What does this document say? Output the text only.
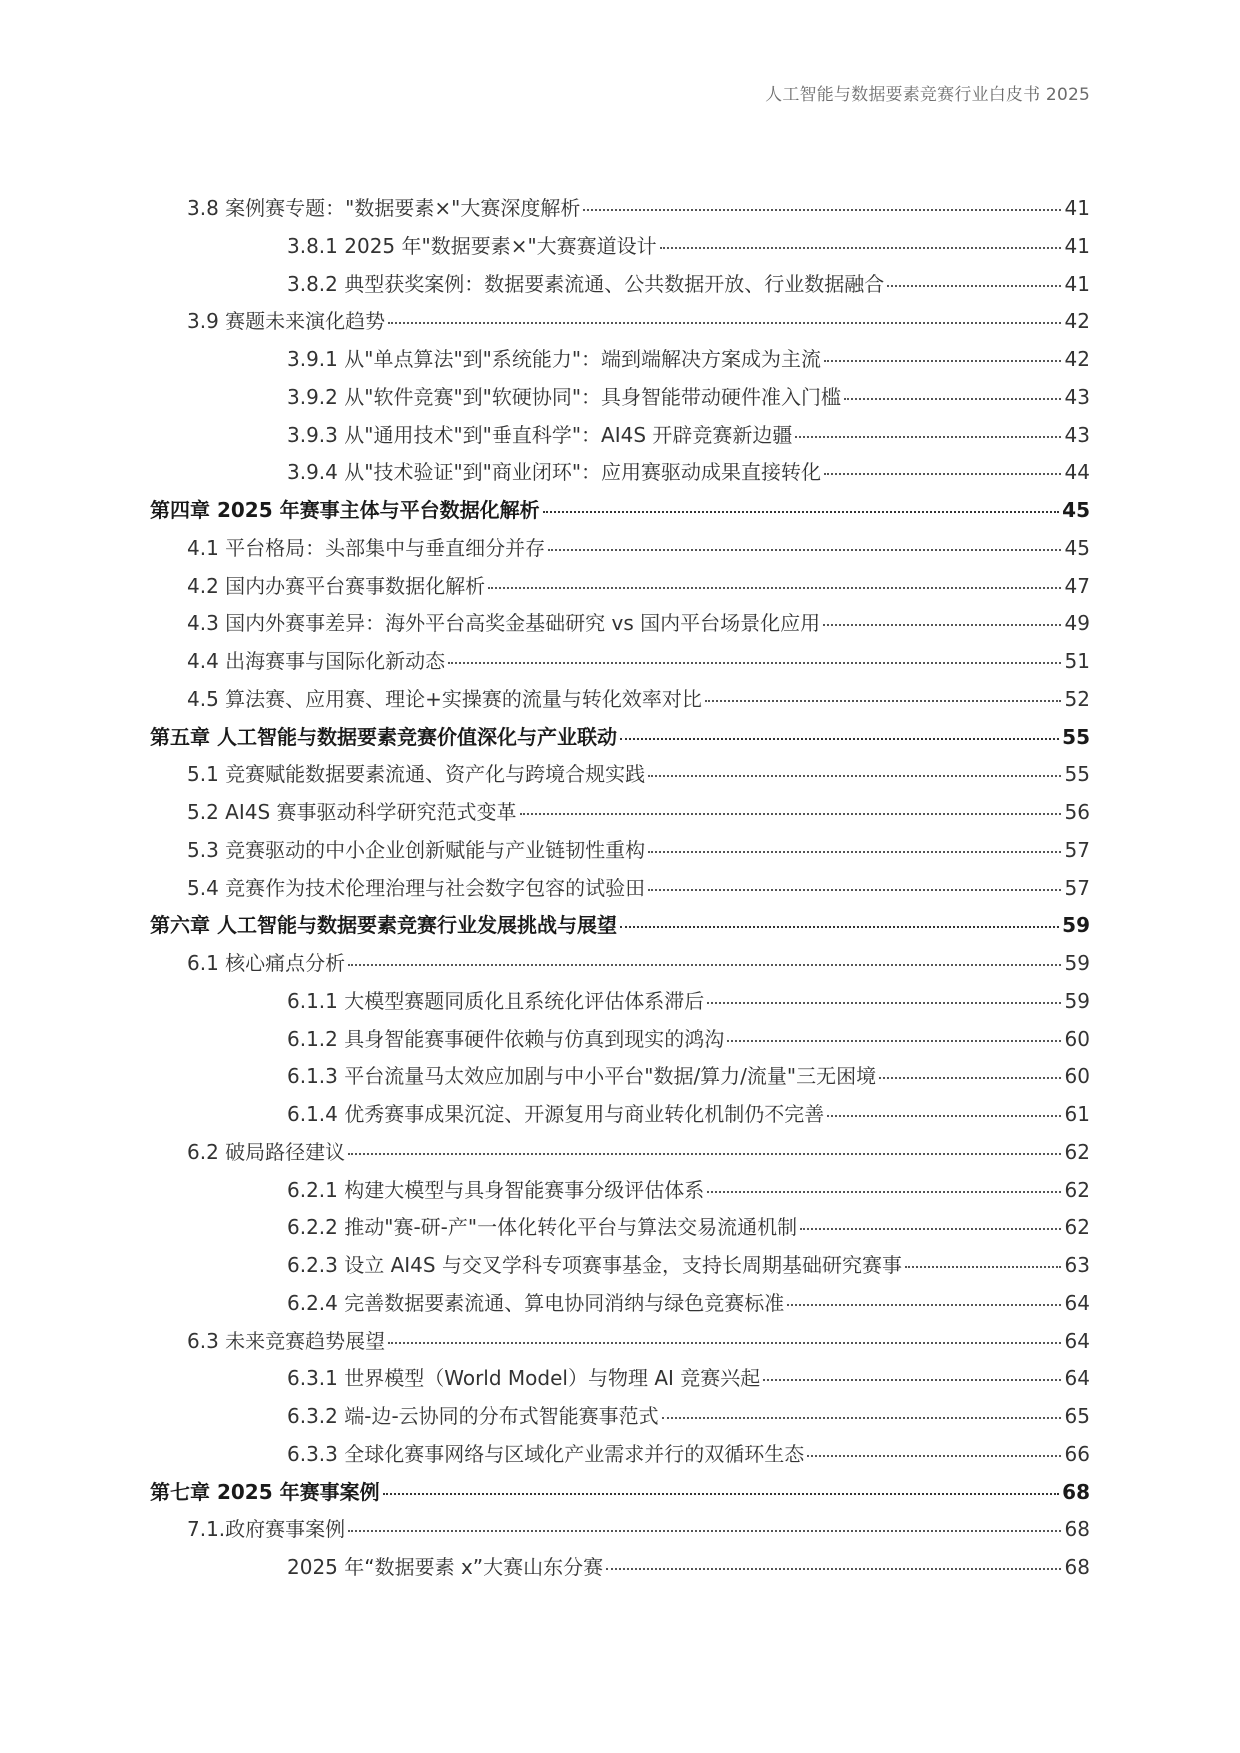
人工智能与数据要素竞赛行业白皮书 2025
3.8 案例赛专题："数据要素×"大赛深度解析	41
3.8.1 2025 年"数据要素×"大赛赛道设计	41
3.8.2 典型获奖案例：数据要素流通、公共数据开放、行业数据融合	41
3.9 赛题未来演化趋势	42
3.9.1 从"单点算法"到"系统能力"：端到端解决方案成为主流	42
3.9.2 从"软件竞赛"到"软硬协同"：具身智能带动硬件准入门槛	43
3.9.3 从"通用技术"到"垂直科学"：AI4S 开辟竞赛新边疆	43
3.9.4 从"技术验证"到"商业闭环"：应用赛驱动成果直接转化	44
第四章 2025 年赛事主体与平台数据化解析	45
4.1 平台格局：头部集中与垂直细分并存	45
4.2 国内办赛平台赛事数据化解析	47
4.3 国内外赛事差异：海外平台高奖金基础研究 vs 国内平台场景化应用	49
4.4 出海赛事与国际化新动态	51
4.5 算法赛、应用赛、理论+实操赛的流量与转化效率对比	52
第五章 人工智能与数据要素竞赛价值深化与产业联动	55
5.1 竞赛赋能数据要素流通、资产化与跨境合规实践	55
5.2 AI4S 赛事驱动科学研究范式变革	56
5.3 竞赛驱动的中小企业创新赋能与产业链韧性重构	57
5.4 竞赛作为技术伦理治理与社会数字包容的试验田	57
第六章 人工智能与数据要素竞赛行业发展挑战与展望	59
6.1 核心痛点分析	59
6.1.1 大模型赛题同质化且系统化评估体系滞后	59
6.1.2 具身智能赛事硬件依赖与仿真到现实的鸿沟	60
6.1.3 平台流量马太效应加剧与中小平台"数据/算力/流量"三无困境	60
6.1.4 优秀赛事成果沉淀、开源复用与商业转化机制仍不完善	61
6.2 破局路径建议	62
6.2.1 构建大模型与具身智能赛事分级评估体系	62
6.2.2 推动"赛-研-产"一体化转化平台与算法交易流通机制	62
6.2.3 设立 AI4S 与交叉学科专项赛事基金，支持长周期基础研究赛事	63
6.2.4 完善数据要素流通、算电协同消纳与绿色竞赛标准	64
6.3 未来竞赛趋势展望	64
6.3.1 世界模型（World Model）与物理 AI 竞赛兴起	64
6.3.2 端-边-云协同的分布式智能赛事范式	65
6.3.3 全球化赛事网络与区域化产业需求并行的双循环生态	66
第七章 2025 年赛事案例	68
7.1.政府赛事案例	68
2025 年“数据要素 x”大赛山东分赛	68
